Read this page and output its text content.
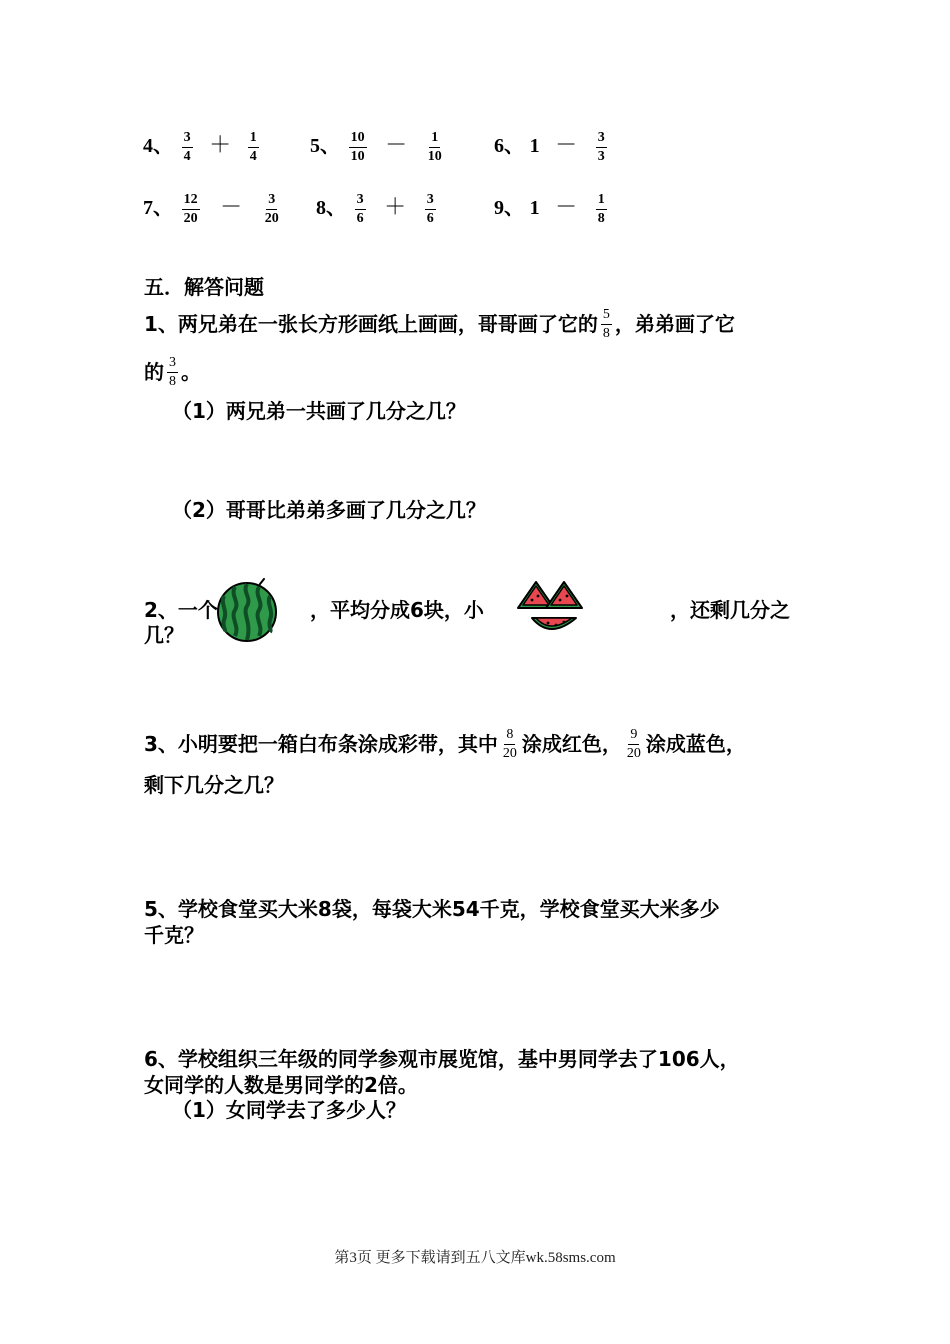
4、 $\frac{3}{4} + \frac{1}{4}$	5、 $\frac{10}{10} - \frac{1}{10}$	6、 $1 - \frac{3}{3}$
7、 $\frac{12}{20} - \frac{3}{20} 8$、 $\frac{3}{6} + \frac{3}{6}$	9、 $1 - \frac{1}{8}$
五．解答问题
1、两兄弟在一张长方形画纸上画画，哥哥画了它的 $\frac{5}{8}$ ，弟弟画了它
的 $\frac{3}{8}$ 。
（1）两兄弟一共画了几分之几？
（2）哥哥比弟弟多画了几分之几？
2、一个	，平均分成6块，小	，还剩几分之
几？
3、小明要把一箱白布条涂成彩带，其中 $\frac{8}{20}$ 涂成红色， $\frac{9}{20}$ 涂成蓝色，
剩下几分之几？
5、学校食堂买大米8袋，每袋大米54千克，学校食堂买大米多少
千克？
6、学校组织三年级的同学参观市展览馆，基中男同学去了106人，
女同学的人数是男同学的2倍。
（1）女同学去了多少人？
第3页 更多下载请到五八文库wk.58sms.com
